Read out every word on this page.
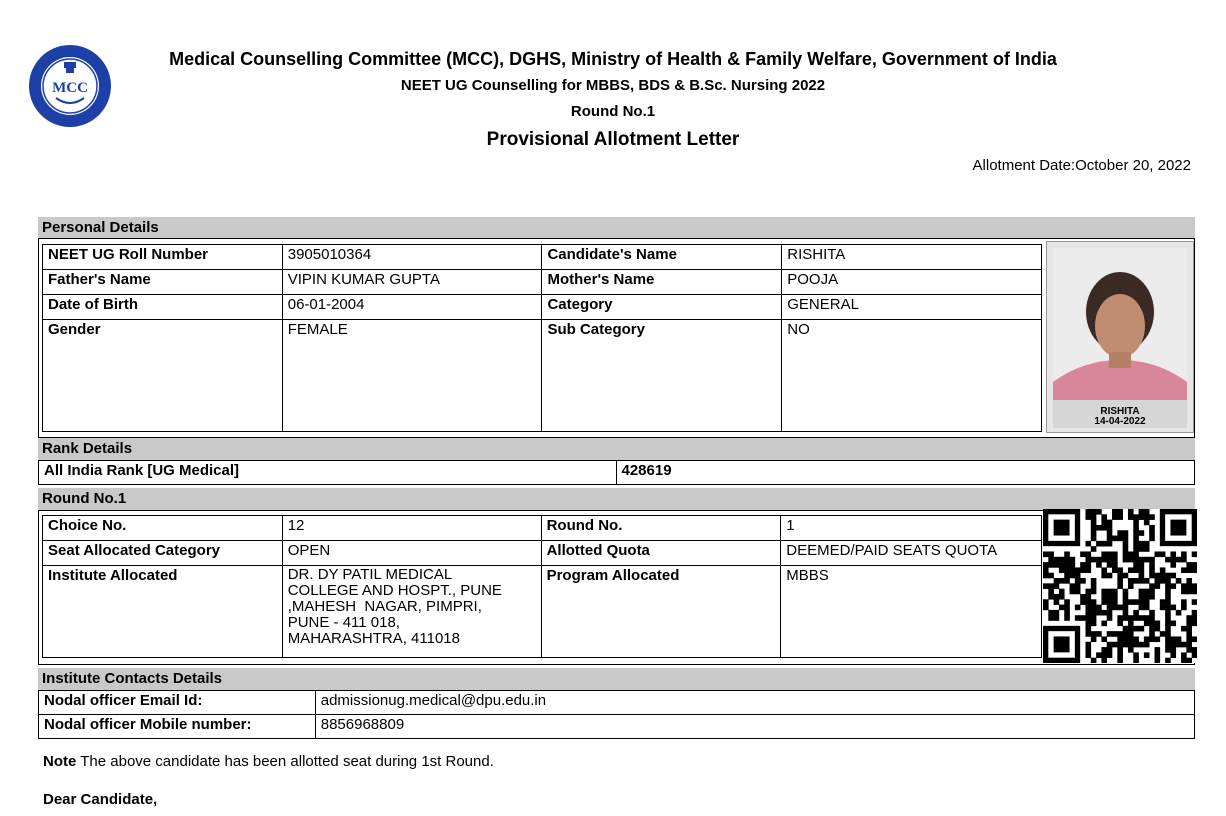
MCC
Medical Counselling Committee (MCC), DGHS, Ministry of Health & Family Welfare, Government of India
NEET UG Counselling for MBBS, BDS & B.Sc. Nursing 2022
Round No.1
Provisional Allotment Letter
Allotment Date:October 20, 2022
Personal Details
NEET UG Roll Number	3905010364	Candidate's Name	RISHITA
Father's Name	VIPIN KUMAR GUPTA	Mother's Name	POOJA
Date of Birth	06-01-2004	Category	GENERAL
Gender	FEMALE	Sub Category	NO
RISHITA
14-04-2022
Rank Details
All India Rank [UG Medical]	428619
Round No.1
Choice No.	12	Round No.	1
Seat Allocated Category	OPEN	Allotted Quota	DEEMED/PAID SEATS QUOTA
Institute Allocated	DR. DY PATIL MEDICAL
COLLEGE AND HOSPT., PUNE
,MAHESH  NAGAR, PIMPRI,
PUNE - 411 018,
MAHARASHTRA, 411018	Program Allocated	MBBS
Institute Contacts Details
Nodal officer Email Id:	admissionug.medical@dpu.edu.in
Nodal officer Mobile number:	8856968809
Note The above candidate has been allotted seat during 1st Round.
Dear Candidate,
